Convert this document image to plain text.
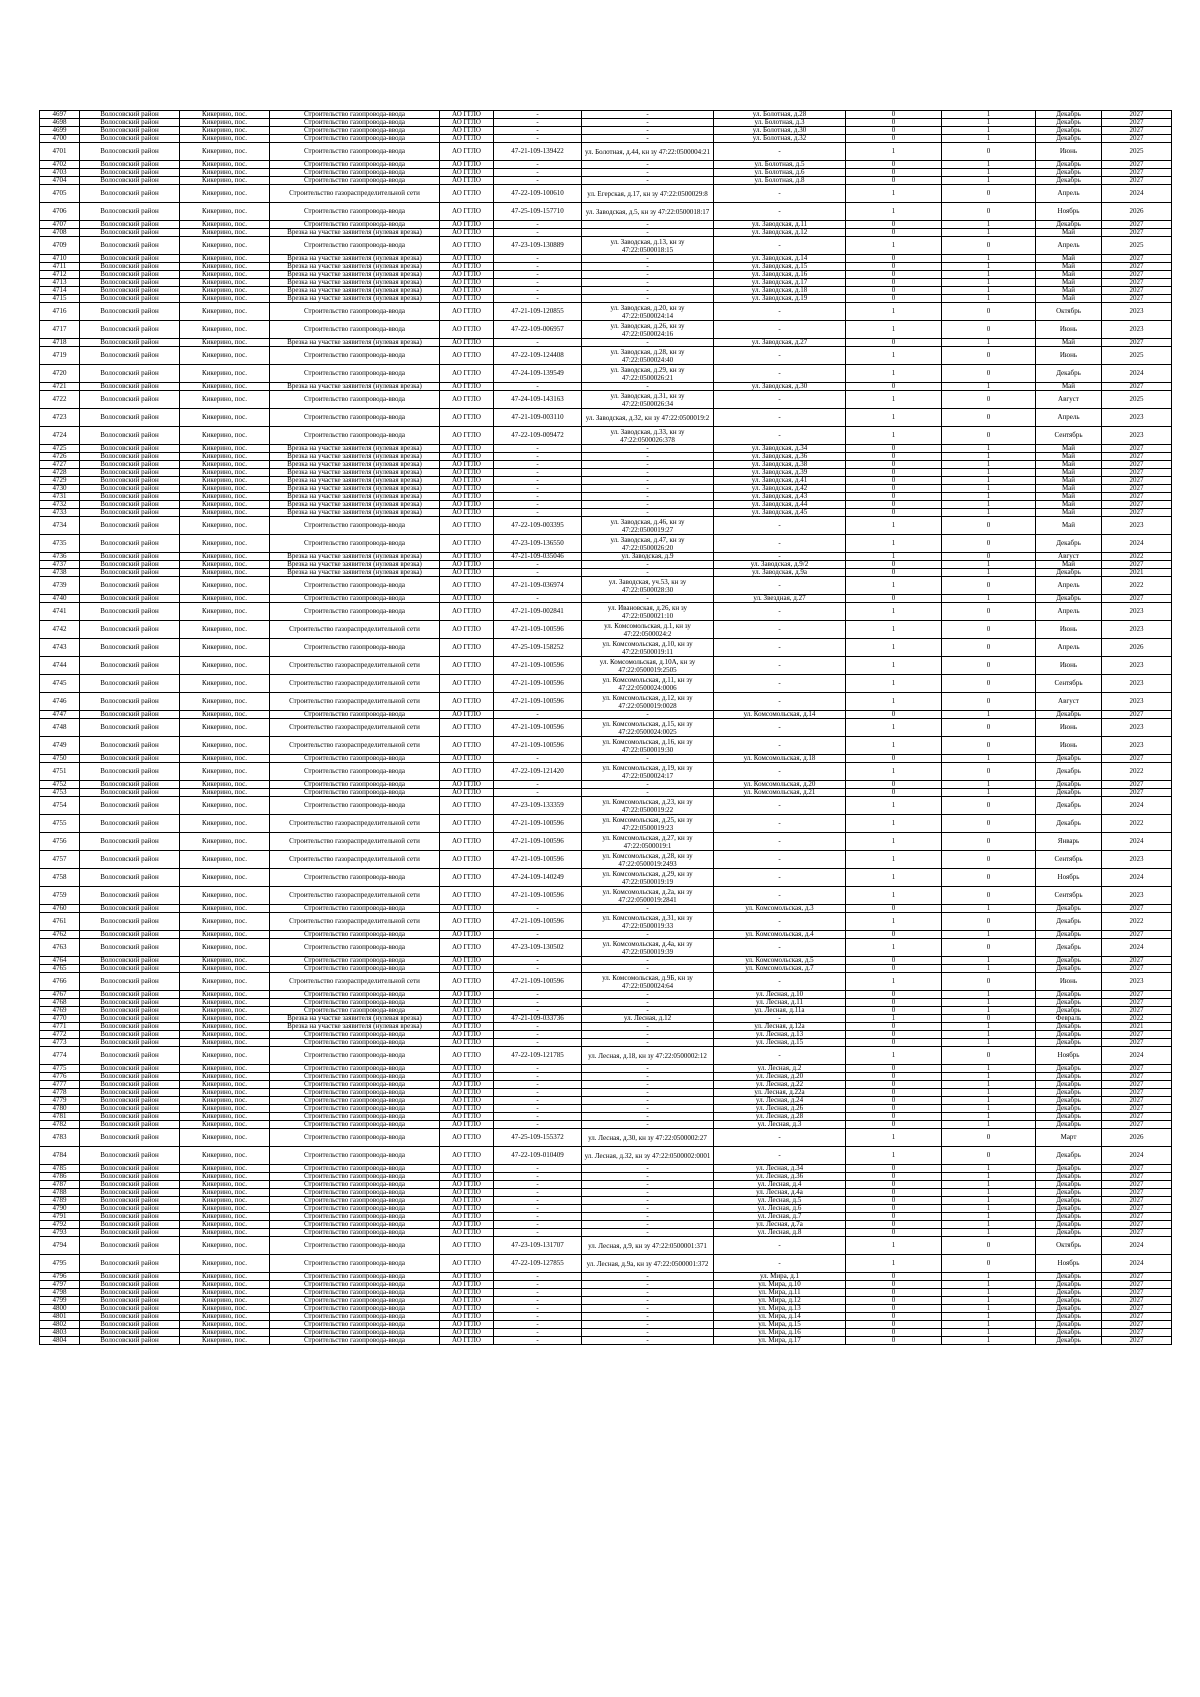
4697	Волосовский район	Кикерино, пос.	Строительство газопровода-ввода	АО ГГЛО	-	-	ул. Болотная, д.28	0	1	Декабрь	2027
4698	Волосовский район	Кикерино, пос.	Строительство газопровода-ввода	АО ГГЛО	-	-	ул. Болотная, д.3	0	1	Декабрь	2027
4699	Волосовский район	Кикерино, пос.	Строительство газопровода-ввода	АО ГГЛО	-	-	ул. Болотная, д.30	0	1	Декабрь	2027
4700	Волосовский район	Кикерино, пос.	Строительство газопровода-ввода	АО ГГЛО	-	-	ул. Болотная, д.32	0	1	Декабрь	2027
4701	Волосовский район	Кикерино, пос.	Строительство газопровода-ввода	АО ГГЛО	47-21-109-139422	ул. Болотная, д.44, кн зу 47:22:0500004:21	-	1	0	Июнь	2025
4702	Волосовский район	Кикерино, пос.	Строительство газопровода-ввода	АО ГГЛО	-	-	ул. Болотная, д.5	0	1	Декабрь	2027
4703	Волосовский район	Кикерино, пос.	Строительство газопровода-ввода	АО ГГЛО	-	-	ул. Болотная, д.6	0	1	Декабрь	2027
4704	Волосовский район	Кикерино, пос.	Строительство газопровода-ввода	АО ГГЛО	-	-	ул. Болотная, д.8	0	1	Декабрь	2027
4705	Волосовский район	Кикерино, пос.	Строительство газораспределительной сети	АО ГГЛО	47-22-109-100610	ул. Егерская, д.17, кн зу 47:22:0500029:8	-	1	0	Апрель	2024
4706	Волосовский район	Кикерино, пос.	Строительство газопровода-ввода	АО ГГЛО	47-25-109-157710	ул. Заводская, д.5, кн зу 47:22:0500018:17	-	1	0	Ноябрь	2026
4707	Волосовский район	Кикерино, пос.	Строительство газопровода-ввода	АО ГГЛО	-	-	ул. Заводская, д.11	0	1	Декабрь	2027
4708	Волосовский район	Кикерино, пос.	Врезка на участке заявителя (нулевая врезка)	АО ГГЛО	-	-	ул. Заводская, д.12	0	1	Май	2027
4709	Волосовский район	Кикерино, пос.	Строительство газопровода-ввода	АО ГГЛО	47-23-109-130889	ул. Заводская, д.13, кн зу 47:22:0500018:15	-	1	0	Апрель	2025
4710	Волосовский район	Кикерино, пос.	Врезка на участке заявителя (нулевая врезка)	АО ГГЛО	-	-	ул. Заводская, д.14	0	1	Май	2027
4711	Волосовский район	Кикерино, пос.	Врезка на участке заявителя (нулевая врезка)	АО ГГЛО	-	-	ул. Заводская, д.15	0	1	Май	2027
4712	Волосовский район	Кикерино, пос.	Врезка на участке заявителя (нулевая врезка)	АО ГГЛО	-	-	ул. Заводская, д.16	0	1	Май	2027
4713	Волосовский район	Кикерино, пос.	Врезка на участке заявителя (нулевая врезка)	АО ГГЛО	-	-	ул. Заводская, д.17	0	1	Май	2027
4714	Волосовский район	Кикерино, пос.	Врезка на участке заявителя (нулевая врезка)	АО ГГЛО	-	-	ул. Заводская, д.18	0	1	Май	2027
4715	Волосовский район	Кикерино, пос.	Врезка на участке заявителя (нулевая врезка)	АО ГГЛО	-	-	ул. Заводская, д.19	0	1	Май	2027
4716	Волосовский район	Кикерино, пос.	Строительство газопровода-ввода	АО ГГЛО	47-21-109-120855	ул. Заводская, д.20, кн зу 47:22:0500024:14	-	1	0	Октябрь	2023
4717	Волосовский район	Кикерино, пос.	Строительство газопровода-ввода	АО ГГЛО	47-22-109-006957	ул. Заводская, д.26, кн зу 47:22:0500024:16	-	1	0	Июнь	2023
4718	Волосовский район	Кикерино, пос.	Врезка на участке заявителя (нулевая врезка)	АО ГГЛО	-	-	ул. Заводская, д.27	0	1	Май	2027
4719	Волосовский район	Кикерино, пос.	Строительство газопровода-ввода	АО ГГЛО	47-22-109-124408	ул. Заводская, д.28, кн зу 47:22:0500024:40	-	1	0	Июнь	2025
4720	Волосовский район	Кикерино, пос.	Строительство газопровода-ввода	АО ГГЛО	47-24-109-139549	ул. Заводская, д.29, кн зу 47:22:0500026:21	-	1	0	Декабрь	2024
4721	Волосовский район	Кикерино, пос.	Врезка на участке заявителя (нулевая врезка)	АО ГГЛО	-	-	ул. Заводская, д.30	0	1	Май	2027
4722	Волосовский район	Кикерино, пос.	Строительство газопровода-ввода	АО ГГЛО	47-24-109-143163	ул. Заводская, д.31, кн зу 47:22:0500026:34	-	1	0	Август	2025
4723	Волосовский район	Кикерино, пос.	Строительство газопровода-ввода	АО ГГЛО	47-21-109-003110	ул. Заводская, д.32, кн зу 47:22:0500019:2	-	1	0	Апрель	2023
4724	Волосовский район	Кикерино, пос.	Строительство газопровода-ввода	АО ГГЛО	47-22-109-009472	ул. Заводская, д.33, кн зу 47:22:0500026:378	-	1	0	Сентябрь	2023
4725	Волосовский район	Кикерино, пос.	Врезка на участке заявителя (нулевая врезка)	АО ГГЛО	-	-	ул. Заводская, д.34	0	1	Май	2027
4726	Волосовский район	Кикерино, пос.	Врезка на участке заявителя (нулевая врезка)	АО ГГЛО	-	-	ул. Заводская, д.36	0	1	Май	2027
4727	Волосовский район	Кикерино, пос.	Врезка на участке заявителя (нулевая врезка)	АО ГГЛО	-	-	ул. Заводская, д.38	0	1	Май	2027
4728	Волосовский район	Кикерино, пос.	Врезка на участке заявителя (нулевая врезка)	АО ГГЛО	-	-	ул. Заводская, д.39	0	1	Май	2027
4729	Волосовский район	Кикерино, пос.	Врезка на участке заявителя (нулевая врезка)	АО ГГЛО	-	-	ул. Заводская, д.41	0	1	Май	2027
4730	Волосовский район	Кикерино, пос.	Врезка на участке заявителя (нулевая врезка)	АО ГГЛО	-	-	ул. Заводская, д.42	0	1	Май	2027
4731	Волосовский район	Кикерино, пос.	Врезка на участке заявителя (нулевая врезка)	АО ГГЛО	-	-	ул. Заводская, д.43	0	1	Май	2027
4732	Волосовский район	Кикерино, пос.	Врезка на участке заявителя (нулевая врезка)	АО ГГЛО	-	-	ул. Заводская, д.44	0	1	Май	2027
4733	Волосовский район	Кикерино, пос.	Врезка на участке заявителя (нулевая врезка)	АО ГГЛО	-	-	ул. Заводская, д.45	0	1	Май	2027
4734	Волосовский район	Кикерино, пос.	Строительство газопровода-ввода	АО ГГЛО	47-22-109-003395	ул. Заводская, д.46, кн зу 47:22:0500019:27	-	1	0	Май	2023
4735	Волосовский район	Кикерино, пос.	Строительство газопровода-ввода	АО ГГЛО	47-23-109-136550	ул. Заводская, д.47, кн зу 47:22:0500026:20	-	1	0	Декабрь	2024
4736	Волосовский район	Кикерино, пос.	Врезка на участке заявителя (нулевая врезка)	АО ГГЛО	47-21-109-035046	ул. Заводская, д.9	-	1	0	Август	2022
4737	Волосовский район	Кикерино, пос.	Врезка на участке заявителя (нулевая врезка)	АО ГГЛО	-	-	ул. Заводская, д.9/2	0	1	Май	2027
4738	Волосовский район	Кикерино, пос.	Врезка на участке заявителя (нулевая врезка)	АО ГГЛО	-	-	ул. Заводская, д.9а	0	1	Декабрь	2021
4739	Волосовский район	Кикерино, пос.	Строительство газопровода-ввода	АО ГГЛО	47-21-109-036974	ул. Заводская, уч.53, кн зу 47:22:0500028:30	-	1	0	Апрель	2022
4740	Волосовский район	Кикерино, пос.	Строительство газопровода-ввода	АО ГГЛО	-	-	ул. Звездная, д.27	0	1	Декабрь	2027
4741	Волосовский район	Кикерино, пос.	Строительство газопровода-ввода	АО ГГЛО	47-21-109-002841	ул. Ивановская, д.26, кн зу 47:22:0500021:10	-	1	0	Апрель	2023
4742	Волосовский район	Кикерино, пос.	Строительство газораспределительной сети	АО ГГЛО	47-21-109-100596	ул. Комсомольская, д.1, кн зу 47:22:0500024:2	-	1	0	Июнь	2023
4743	Волосовский район	Кикерино, пос.	Строительство газопровода-ввода	АО ГГЛО	47-25-109-158252	ул. Комсомольская, д.10, кн зу 47:22:0500019:11	-	1	0	Апрель	2026
4744	Волосовский район	Кикерино, пос.	Строительство газораспределительной сети	АО ГГЛО	47-21-109-100596	ул. Комсомольская, д.10А, кн зу 47:22:0500019:2505	-	1	0	Июнь	2023
4745	Волосовский район	Кикерино, пос.	Строительство газораспределительной сети	АО ГГЛО	47-21-109-100596	ул. Комсомольская, д.11, кн зу 47:22:0500024:0006	-	1	0	Сентябрь	2023
4746	Волосовский район	Кикерино, пос.	Строительство газораспределительной сети	АО ГГЛО	47-21-109-100596	ул. Комсомольская, д.12, кн зу 47:22:0500019:0028	-	1	0	Август	2023
4747	Волосовский район	Кикерино, пос.	Строительство газопровода-ввода	АО ГГЛО	-	-	ул. Комсомольская, д.14	0	1	Декабрь	2027
4748	Волосовский район	Кикерино, пос.	Строительство газораспределительной сети	АО ГГЛО	47-21-109-100596	ул. Комсомольская, д.15, кн зу 47:22:0500024:0025	-	1	0	Июнь	2023
4749	Волосовский район	Кикерино, пос.	Строительство газораспределительной сети	АО ГГЛО	47-21-109-100596	ул. Комсомольская, д.16, кн зу 47:22:0500019:30	-	1	0	Июнь	2023
4750	Волосовский район	Кикерино, пос.	Строительство газопровода-ввода	АО ГГЛО	-	-	ул. Комсомольская, д.18	0	1	Декабрь	2027
4751	Волосовский район	Кикерино, пос.	Строительство газопровода-ввода	АО ГГЛО	47-22-109-121420	ул. Комсомольская, д.19, кн зу 47:22:0500024:17	-	1	0	Декабрь	2022
4752	Волосовский район	Кикерино, пос.	Строительство газопровода-ввода	АО ГГЛО	-	-	ул. Комсомольская, д.20	0	1	Декабрь	2027
4753	Волосовский район	Кикерино, пос.	Строительство газопровода-ввода	АО ГГЛО	-	-	ул. Комсомольская, д.21	0	1	Декабрь	2027
4754	Волосовский район	Кикерино, пос.	Строительство газопровода-ввода	АО ГГЛО	47-23-109-133359	ул. Комсомольская, д.23, кн зу 47:22:0500019:22	-	1	0	Декабрь	2024
4755	Волосовский район	Кикерино, пос.	Строительство газораспределительной сети	АО ГГЛО	47-21-109-100596	ул. Комсомольская, д.25, кн зу 47:22:0500019:23	-	1	0	Декабрь	2022
4756	Волосовский район	Кикерино, пос.	Строительство газораспределительной сети	АО ГГЛО	47-21-109-100596	ул. Комсомольская, д.27, кн зу 47:22:0500019:1	-	1	0	Январь	2024
4757	Волосовский район	Кикерино, пос.	Строительство газораспределительной сети	АО ГГЛО	47-21-109-100596	ул. Комсомольская, д.28, кн зу 47:22:0500019:2493	-	1	0	Сентябрь	2023
4758	Волосовский район	Кикерино, пос.	Строительство газопровода-ввода	АО ГГЛО	47-24-109-140249	ул. Комсомольская, д.29, кн зу 47:22:0500019:19	-	1	0	Ноябрь	2024
4759	Волосовский район	Кикерино, пос.	Строительство газораспределительной сети	АО ГГЛО	47-21-109-100596	ул. Комсомольская, д.2а, кн зу 47:22:0500019:2841	-	1	0	Сентябрь	2023
4760	Волосовский район	Кикерино, пос.	Строительство газопровода-ввода	АО ГГЛО	-	-	ул. Комсомольская, д.3	0	1	Декабрь	2027
4761	Волосовский район	Кикерино, пос.	Строительство газораспределительной сети	АО ГГЛО	47-21-109-100596	ул. Комсомольская, д.31, кн зу 47:22:0500019:33	-	1	0	Декабрь	2022
4762	Волосовский район	Кикерино, пос.	Строительство газопровода-ввода	АО ГГЛО	-	-	ул. Комсомольская, д.4	0	1	Декабрь	2027
4763	Волосовский район	Кикерино, пос.	Строительство газопровода-ввода	АО ГГЛО	47-23-109-130502	ул. Комсомольская, д.4а, кн зу 47:22:0500019:39	-	1	0	Декабрь	2024
4764	Волосовский район	Кикерино, пос.	Строительство газопровода-ввода	АО ГГЛО	-	-	ул. Комсомольская, д.5	0	1	Декабрь	2027
4765	Волосовский район	Кикерино, пос.	Строительство газопровода-ввода	АО ГГЛО	-	-	ул. Комсомольская, д.7	0	1	Декабрь	2027
4766	Волосовский район	Кикерино, пос.	Строительство газораспределительной сети	АО ГГЛО	47-21-109-100596	ул. Комсомольская, д.9Б, кн зу 47:22:0500024:64	-	1	0	Июнь	2023
4767	Волосовский район	Кикерино, пос.	Строительство газопровода-ввода	АО ГГЛО	-	-	ул. Лесная, д.10	0	1	Декабрь	2027
4768	Волосовский район	Кикерино, пос.	Строительство газопровода-ввода	АО ГГЛО	-	-	ул. Лесная, д.11	0	1	Декабрь	2027
4769	Волосовский район	Кикерино, пос.	Строительство газопровода-ввода	АО ГГЛО	-	-	ул. Лесная, д.11а	0	1	Декабрь	2027
4770	Волосовский район	Кикерино, пос.	Врезка на участке заявителя (нулевая врезка)	АО ГГЛО	47-21-109-033736	ул. Лесная, д.12	-	1	0	Февраль	2022
4771	Волосовский район	Кикерино, пос.	Врезка на участке заявителя (нулевая врезка)	АО ГГЛО	-	-	ул. Лесная, д.12а	0	1	Декабрь	2021
4772	Волосовский район	Кикерино, пос.	Строительство газопровода-ввода	АО ГГЛО	-	-	ул. Лесная, д.13	0	1	Декабрь	2027
4773	Волосовский район	Кикерино, пос.	Строительство газопровода-ввода	АО ГГЛО	-	-	ул. Лесная, д.15	0	1	Декабрь	2027
4774	Волосовский район	Кикерино, пос.	Строительство газопровода-ввода	АО ГГЛО	47-22-109-121785	ул. Лесная, д.18, кн зу 47:22:0500002:12	-	1	0	Ноябрь	2024
4775	Волосовский район	Кикерино, пос.	Строительство газопровода-ввода	АО ГГЛО	-	-	ул. Лесная, д.2	0	1	Декабрь	2027
4776	Волосовский район	Кикерино, пос.	Строительство газопровода-ввода	АО ГГЛО	-	-	ул. Лесная, д.20	0	1	Декабрь	2027
4777	Волосовский район	Кикерино, пос.	Строительство газопровода-ввода	АО ГГЛО	-	-	ул. Лесная, д.22	0	1	Декабрь	2027
4778	Волосовский район	Кикерино, пос.	Строительство газопровода-ввода	АО ГГЛО	-	-	ул. Лесная, д.22а	0	1	Декабрь	2027
4779	Волосовский район	Кикерино, пос.	Строительство газопровода-ввода	АО ГГЛО	-	-	ул. Лесная, д.24	0	1	Декабрь	2027
4780	Волосовский район	Кикерино, пос.	Строительство газопровода-ввода	АО ГГЛО	-	-	ул. Лесная, д.26	0	1	Декабрь	2027
4781	Волосовский район	Кикерино, пос.	Строительство газопровода-ввода	АО ГГЛО	-	-	ул. Лесная, д.28	0	1	Декабрь	2027
4782	Волосовский район	Кикерино, пос.	Строительство газопровода-ввода	АО ГГЛО	-	-	ул. Лесная, д.3	0	1	Декабрь	2027
4783	Волосовский район	Кикерино, пос.	Строительство газопровода-ввода	АО ГГЛО	47-25-109-155372	ул. Лесная, д.30, кн зу 47:22:0500002:27	-	1	0	Март	2026
4784	Волосовский район	Кикерино, пос.	Строительство газопровода-ввода	АО ГГЛО	47-22-109-010409	ул. Лесная, д.32, кн зу 47:22:0500002:0001	-	1	0	Декабрь	2024
4785	Волосовский район	Кикерино, пос.	Строительство газопровода-ввода	АО ГГЛО	-	-	ул. Лесная, д.34	0	1	Декабрь	2027
4786	Волосовский район	Кикерино, пос.	Строительство газопровода-ввода	АО ГГЛО	-	-	ул. Лесная, д.36	0	1	Декабрь	2027
4787	Волосовский район	Кикерино, пос.	Строительство газопровода-ввода	АО ГГЛО	-	-	ул. Лесная, д.4	0	1	Декабрь	2027
4788	Волосовский район	Кикерино, пос.	Строительство газопровода-ввода	АО ГГЛО	-	-	ул. Лесная, д.4а	0	1	Декабрь	2027
4789	Волосовский район	Кикерино, пос.	Строительство газопровода-ввода	АО ГГЛО	-	-	ул. Лесная, д.5	0	1	Декабрь	2027
4790	Волосовский район	Кикерино, пос.	Строительство газопровода-ввода	АО ГГЛО	-	-	ул. Лесная, д.6	0	1	Декабрь	2027
4791	Волосовский район	Кикерино, пос.	Строительство газопровода-ввода	АО ГГЛО	-	-	ул. Лесная, д.7	0	1	Декабрь	2027
4792	Волосовский район	Кикерино, пос.	Строительство газопровода-ввода	АО ГГЛО	-	-	ул. Лесная, д.7а	0	1	Декабрь	2027
4793	Волосовский район	Кикерино, пос.	Строительство газопровода-ввода	АО ГГЛО	-	-	ул. Лесная, д.8	0	1	Декабрь	2027
4794	Волосовский район	Кикерино, пос.	Строительство газопровода-ввода	АО ГГЛО	47-23-109-131707	ул. Лесная, д.9, кн зу 47:22:0500001:371	-	1	0	Октябрь	2024
4795	Волосовский район	Кикерино, пос.	Строительство газопровода-ввода	АО ГГЛО	47-22-109-127855	ул. Лесная, д.9а, кн зу 47:22:0500001:372	-	1	0	Ноябрь	2024
4796	Волосовский район	Кикерино, пос.	Строительство газопровода-ввода	АО ГГЛО	-	-	ул. Мира, д.1	0	1	Декабрь	2027
4797	Волосовский район	Кикерино, пос.	Строительство газопровода-ввода	АО ГГЛО	-	-	ул. Мира, д.10	0	1	Декабрь	2027
4798	Волосовский район	Кикерино, пос.	Строительство газопровода-ввода	АО ГГЛО	-	-	ул. Мира, д.11	0	1	Декабрь	2027
4799	Волосовский район	Кикерино, пос.	Строительство газопровода-ввода	АО ГГЛО	-	-	ул. Мира, д.12	0	1	Декабрь	2027
4800	Волосовский район	Кикерино, пос.	Строительство газопровода-ввода	АО ГГЛО	-	-	ул. Мира, д.13	0	1	Декабрь	2027
4801	Волосовский район	Кикерино, пос.	Строительство газопровода-ввода	АО ГГЛО	-	-	ул. Мира, д.14	0	1	Декабрь	2027
4802	Волосовский район	Кикерино, пос.	Строительство газопровода-ввода	АО ГГЛО	-	-	ул. Мира, д.15	0	1	Декабрь	2027
4803	Волосовский район	Кикерино, пос.	Строительство газопровода-ввода	АО ГГЛО	-	-	ул. Мира, д.16	0	1	Декабрь	2027
4804	Волосовский район	Кикерино, пос.	Строительство газопровода-ввода	АО ГГЛО	-	-	ул. Мира, д.17	0	1	Декабрь	2027
